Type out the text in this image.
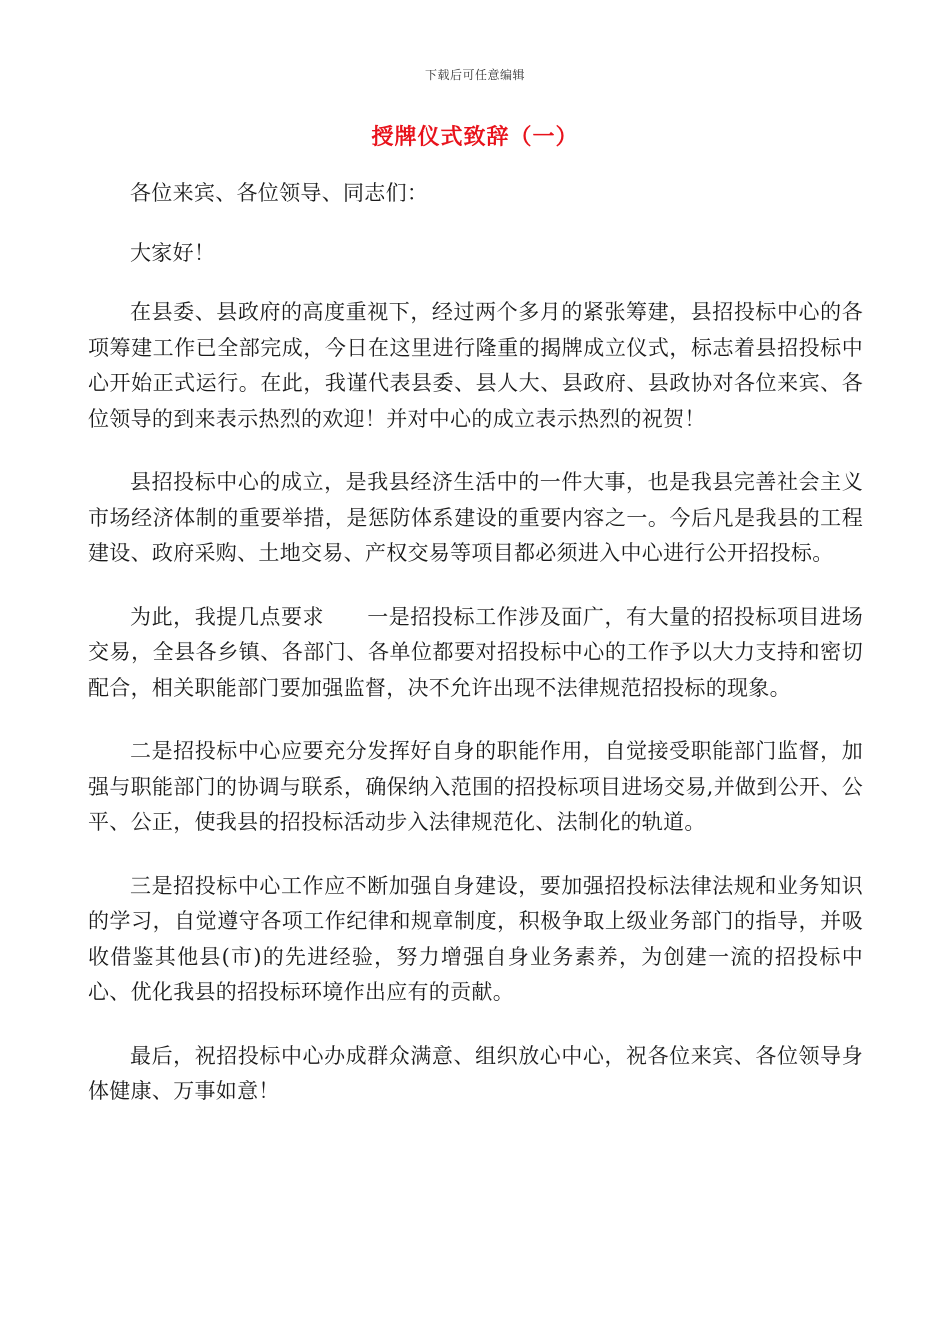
下载后可任意编辑
授牌仪式致辞（一）

各位来宾、各位领导、同志们：

大家好！

在县委、县政府的高度重视下，经过两个多月的紧张筹建，县招投标中心的各项筹建工作已全部完成，今日在这里进行隆重的揭牌成立仪式，标志着县招投标中心开始正式运行。在此，我谨代表县委、县人大、县政府、县政协对各位来宾、各位领导的到来表示热烈的欢迎！并对中心的成立表示热烈的祝贺！

县招投标中心的成立，是我县经济生活中的一件大事，也是我县完善社会主义市场经济体制的重要举措，是惩防体系建设的重要内容之一。今后凡是我县的工程建设、政府采购、土地交易、产权交易等项目都必须进入中心进行公开招投标。

为此，我提几点要求　　一是招投标工作涉及面广，有大量的招投标项目进场交易，全县各乡镇、各部门、各单位都要对招投标中心的工作予以大力支持和密切配合，相关职能部门要加强监督，决不允许出现不法律规范招投标的现象。

二是招投标中心应要充分发挥好自身的职能作用，自觉接受职能部门监督，加强与职能部门的协调与联系，确保纳入范围的招投标项目进场交易,并做到公开、公平、公正，使我县的招投标活动步入法律规范化、法制化的轨道。

三是招投标中心工作应不断加强自身建设，要加强招投标法律法规和业务知识的学习，自觉遵守各项工作纪律和规章制度，积极争取上级业务部门的指导，并吸收借鉴其他县(市)的先进经验，努力增强自身业务素养，为创建一流的招投标中心、优化我县的招投标环境作出应有的贡献。

最后，祝招投标中心办成群众满意、组织放心中心，祝各位来宾、各位领导身体健康、万事如意！
